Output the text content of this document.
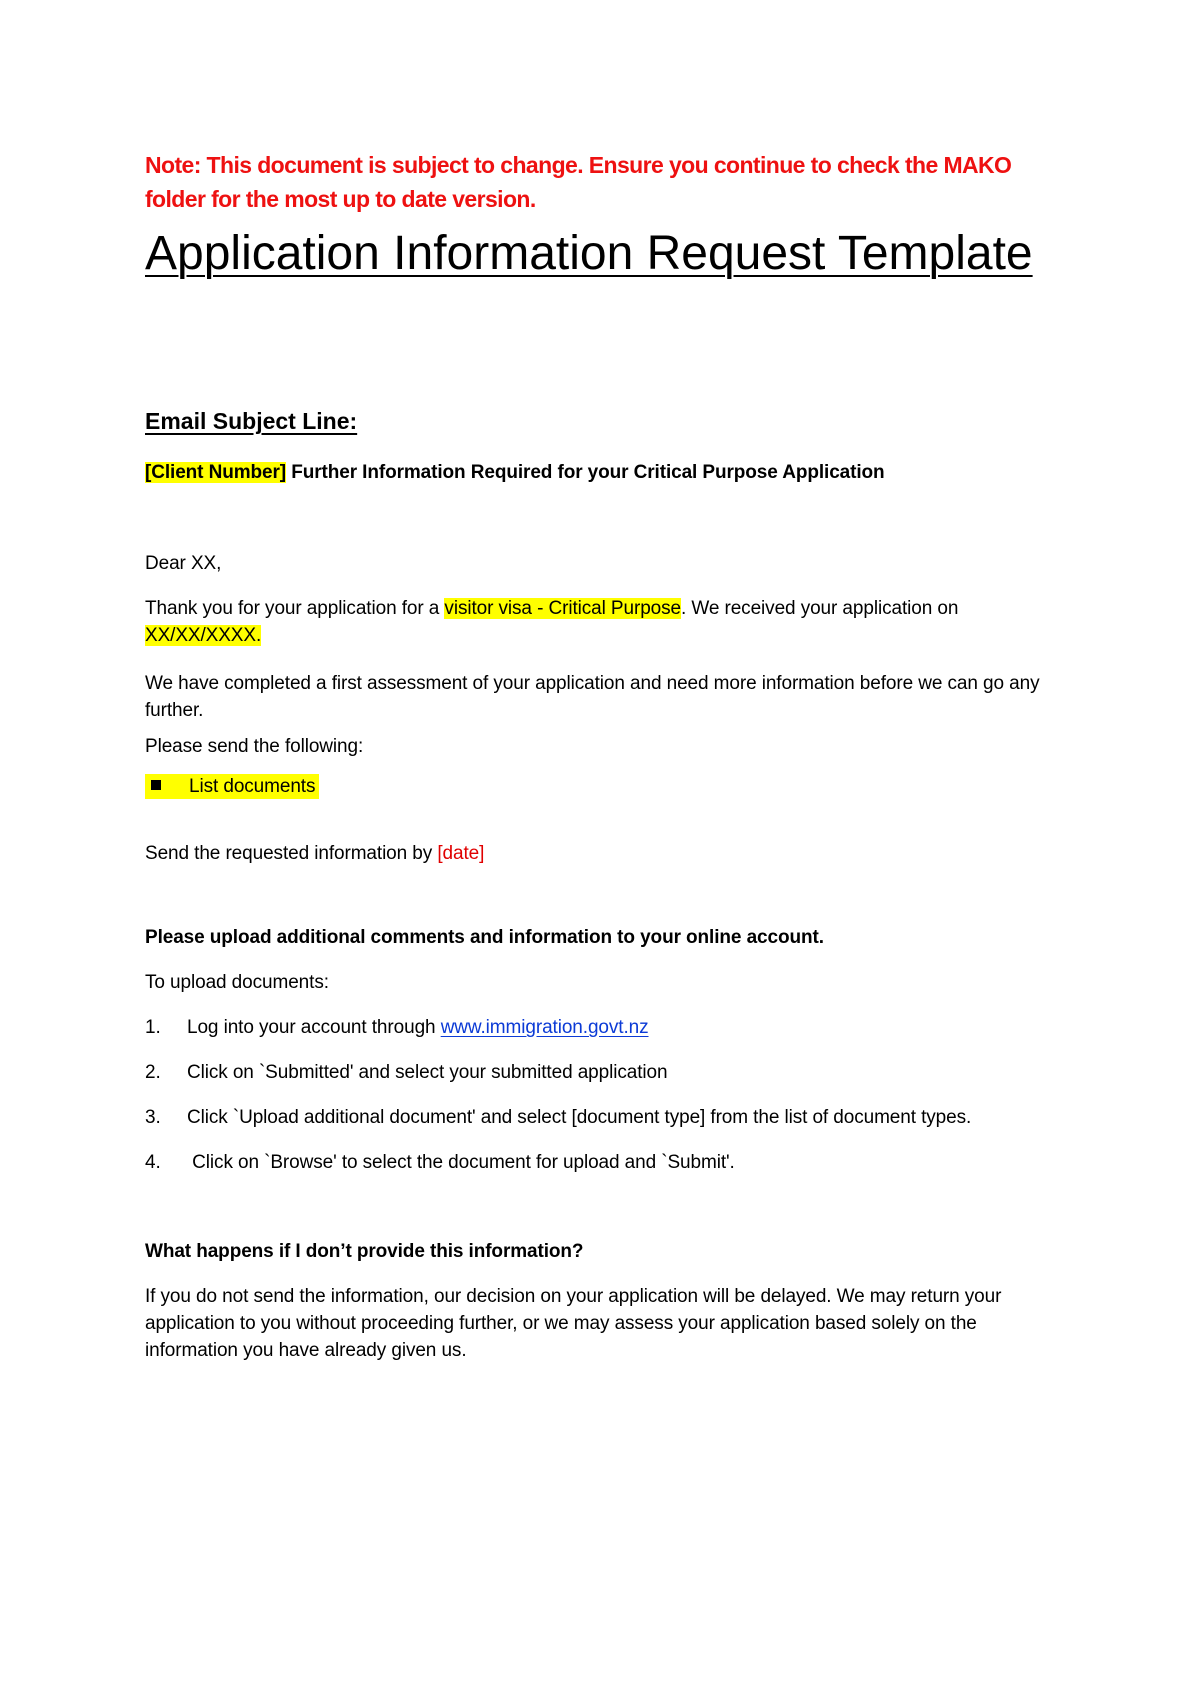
Note: This document is subject to change. Ensure you continue to check the MAKO folder for the most up to date version.
Application Information Request Template
Email Subject Line:
[Client Number] Further Information Required for your Critical Purpose Application
Dear XX,
Thank you for your application for a visitor visa - Critical Purpose. We received your application on XX/XX/XXXX.
We have completed a first assessment of your application and need more information before we can go any further.
Please send the following:
List documents
Send the requested information by [date]
Please upload additional comments and information to your online account.
To upload documents:
1. Log into your account through www.immigration.govt.nz
2. Click on `Submitted' and select your submitted application
3. Click `Upload additional document' and select [document type] from the list of document types.
4. Click on `Browse' to select the document for upload and `Submit'.
What happens if I don’t provide this information?
If you do not send the information, our decision on your application will be delayed. We may return your application to you without proceeding further, or we may assess your application based solely on the information you have already given us.
